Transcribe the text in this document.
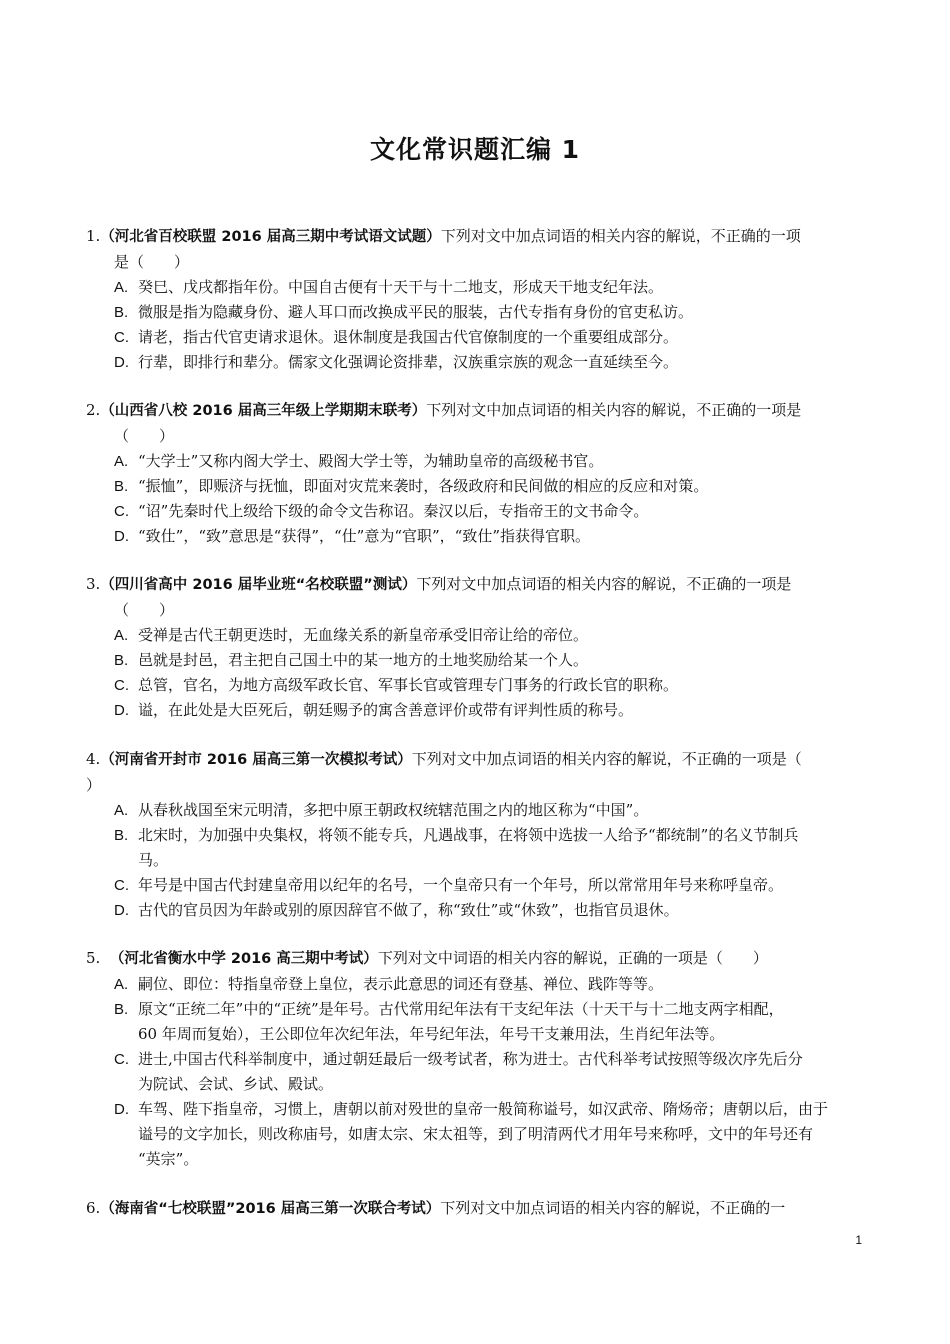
文化常识题汇编 1
1.（河北省百校联盟 2016 届高三期中考试语文试题）下列对文中加点词语的相关内容的解说，不正确的一项
是（　　）
A. 癸巳、戊戌都指年份。中国自古便有十天干与十二地支，形成天干地支纪年法。
B. 微服是指为隐藏身份、避人耳口而改换成平民的服装，古代专指有身份的官吏私访。
C. 请老，指古代官吏请求退休。退休制度是我国古代官僚制度的一个重要组成部分。
D. 行辈，即排行和辈分。儒家文化强调论资排辈，汉族重宗族的观念一直延续至今。
2.（山西省八校 2016 届高三年级上学期期末联考）下列对文中加点词语的相关内容的解说，不正确的一项是
（　　）
A. “大学士”又称内阁大学士、殿阁大学士等，为辅助皇帝的高级秘书官。
B. “振恤”，即赈济与抚恤，即面对灾荒来袭时，各级政府和民间做的相应的反应和对策。
C. “诏”先秦时代上级给下级的命令文告称诏。秦汉以后，专指帝王的文书命令。
D. “致仕”，“致”意思是“获得”，“仕”意为“官职”，“致仕”指获得官职。
3.（四川省高中 2016 届毕业班“名校联盟”测试）下列对文中加点词语的相关内容的解说，不正确的一项是
（　　）
A. 受禅是古代王朝更迭时，无血缘关系的新皇帝承受旧帝让给的帝位。
B. 邑就是封邑，君主把自己国土中的某一地方的土地奖励给某一个人。
C. 总管，官名，为地方高级军政长官、军事长官或管理专门事务的行政长官的职称。
D. 谥，在此处是大臣死后，朝廷赐予的寓含善意评价或带有评判性质的称号。
4.（河南省开封市 2016 届高三第一次模拟考试）下列对文中加点词语的相关内容的解说，不正确的一项是（
）
A. 从春秋战国至宋元明清，多把中原王朝政权统辖范围之内的地区称为“中国”。
B. 北宋时，为加强中央集权，将领不能专兵，凡遇战事，在将领中选拔一人给予“都统制”的名义节制兵
马。
C. 年号是中国古代封建皇帝用以纪年的名号，一个皇帝只有一个年号，所以常常用年号来称呼皇帝。
D. 古代的官员因为年龄或别的原因辞官不做了，称“致仕”或“休致”，也指官员退休。
5. （河北省衡水中学 2016 高三期中考试）下列对文中词语的相关内容的解说，正确的一项是（　　）
A. 嗣位、即位：特指皇帝登上皇位，表示此意思的词还有登基、禅位、践阼等等。
B. 原文“正统二年”中的“正统”是年号。古代常用纪年法有干支纪年法（十天干与十二地支两字相配，
60 年周而复始），王公即位年次纪年法，年号纪年法，年号干支兼用法，生肖纪年法等。
C. 进士,中国古代科举制度中，通过朝廷最后一级考试者，称为进士。古代科举考试按照等级次序先后分
为院试、会试、乡试、殿试。
D. 车驾、陛下指皇帝，习惯上，唐朝以前对殁世的皇帝一般简称谥号，如汉武帝、隋炀帝；唐朝以后，由于
谥号的文字加长，则改称庙号，如唐太宗、宋太祖等，到了明清两代才用年号来称呼，文中的年号还有
“英宗”。
6.（海南省“七校联盟”2016 届高三第一次联合考试）下列对文中加点词语的相关内容的解说，不正确的一
1
